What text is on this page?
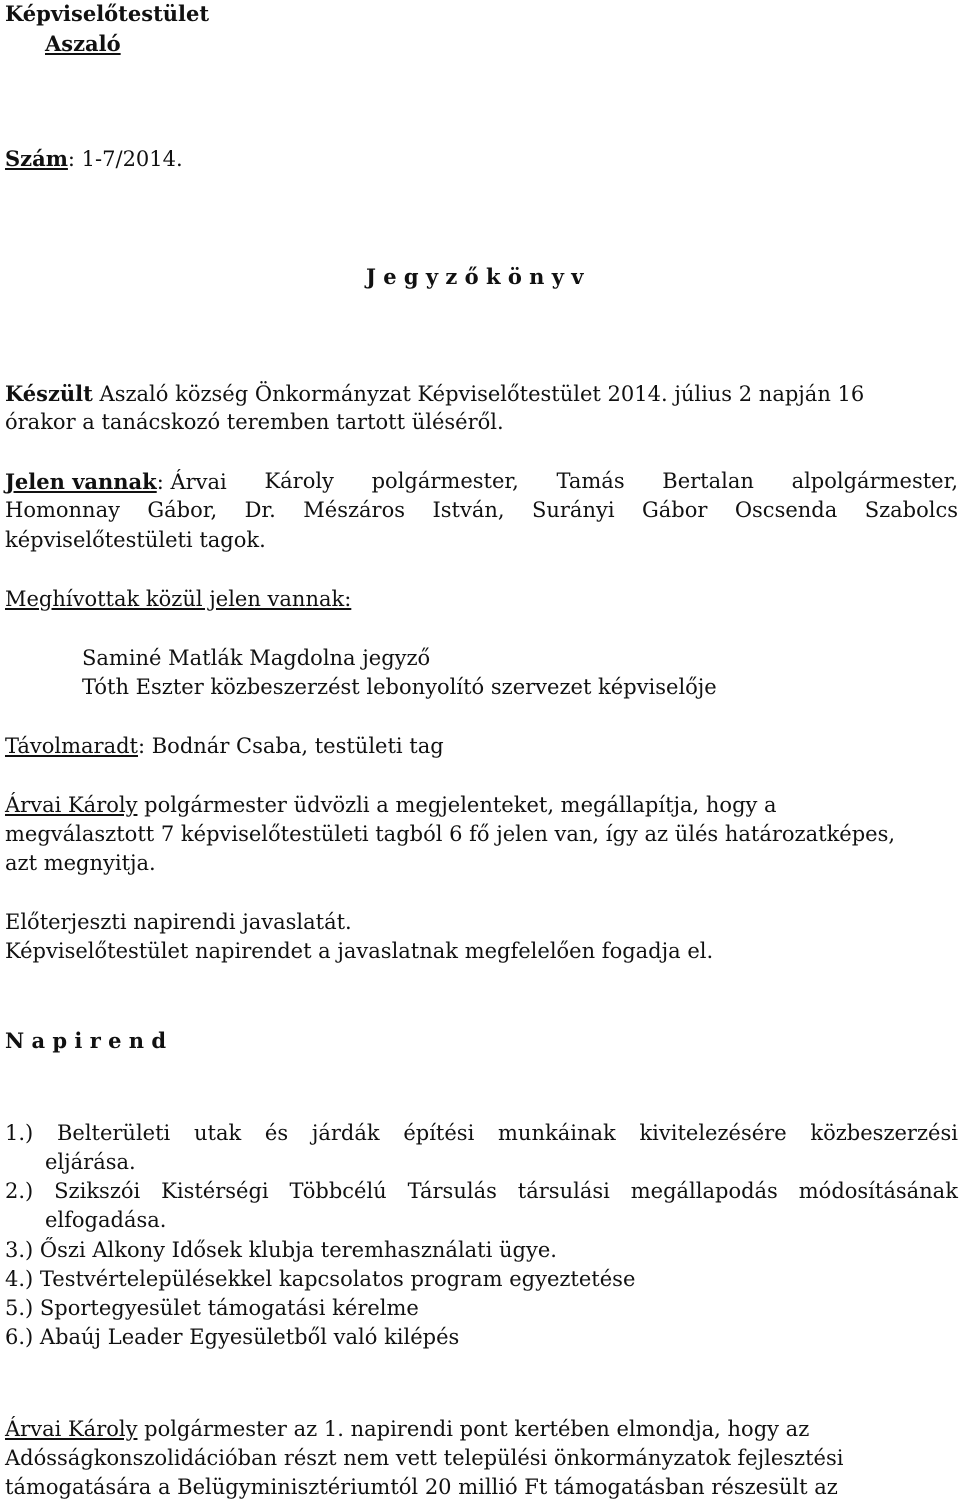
Képviselőtestület
Aszaló
Szám: 1-7/2014.
J e g y z ő k ö n y v
Készült Aszaló község Önkormányzat Képviselőtestület 2014. július 2 napján 16
órakor a tanácskozó teremben tartott üléséről.
Jelen vannak: Árvai Károly polgármester, Tamás Bertalan alpolgármester,
Homonnay Gábor, Dr. Mészáros István, Surányi Gábor Oscsenda Szabolcs
képviselőtestületi tagok.
Meghívottak közül jelen vannak:
Saminé Matlák Magdolna jegyző
Tóth Eszter közbeszerzést lebonyolító szervezet képviselője
Távolmaradt: Bodnár Csaba, testületi tag
Árvai Károly polgármester üdvözli a megjelenteket, megállapítja, hogy a
megválasztott 7 képviselőtestületi tagból 6 fő jelen van, így az ülés határozatképes,
azt megnyitja.
Előterjeszti napirendi javaslatát.
Képviselőtestület napirendet a javaslatnak megfelelően fogadja el.
N a p i r e n d
1.) Belterületi utak és járdák építési munkáinak kivitelezésére közbeszerzési
eljárása.
2.) Szikszói Kistérségi Többcélú Társulás társulási megállapodás módosításának
elfogadása.
3.) Őszi Alkony Idősek klubja teremhasználati ügye.
4.) Testvértelepülésekkel kapcsolatos program egyeztetése
5.) Sportegyesület támogatási kérelme
6.) Abaúj Leader Egyesületből való kilépés
Árvai Károly polgármester az 1. napirendi pont kertében elmondja, hogy az
Adósságkonszolidációban részt nem vett települési önkormányzatok fejlesztési
támogatására a Belügyminisztériumtól 20 millió Ft támogatásban részesült az
